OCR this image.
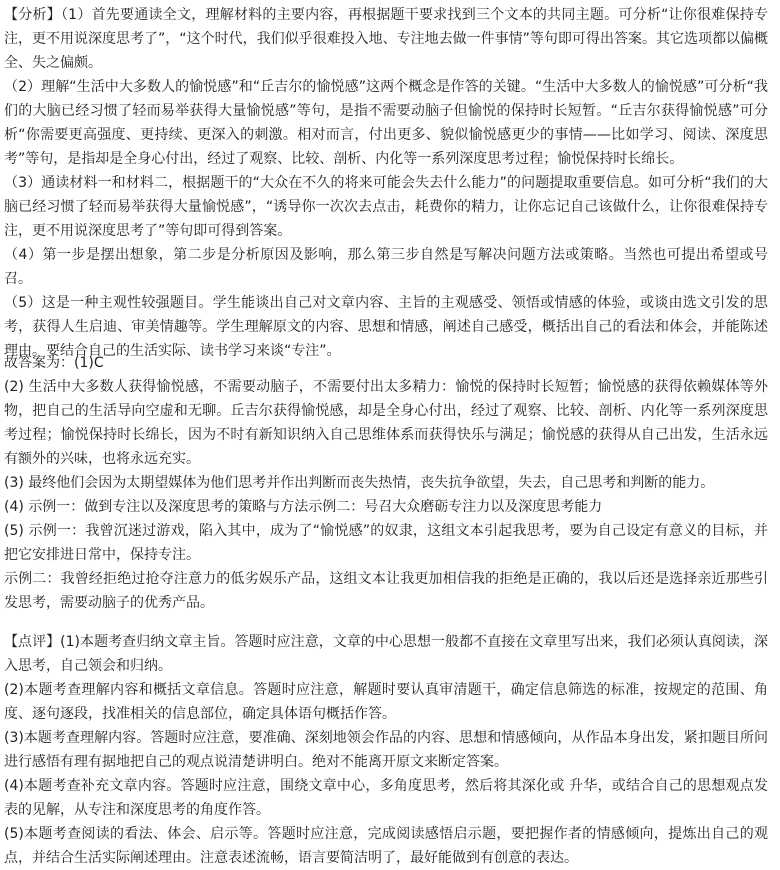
【分析】（1）首先要通读全文，理解材料的主要内容，再根据题干要求找到三个文本的共同主题。可分析“让你很难保持专注，更不用说深度思考了”，“这个时代，我们似乎很难投入地、专注地去做一件事情”等句即可得出答案。其它选项都以偏概全、失之偏颇。

（2）理解“生活中大多数人的愉悦感”和“丘吉尔的愉悦感”这两个概念是作答的关键。“生活中大多数人的愉悦感”可分析“我们的大脑已经习惯了轻而易举获得大量愉悦感”等句，是指不需要动脑子但愉悦的保持时长短暂。“丘吉尔获得愉悦感”可分析“你需要更高强度、更持续、更深入的刺激。相对而言，付出更多、貌似愉悦感更少的事情——比如学习、阅读、深度思考”等句，是指却是全身心付出，经过了观察、比较、剖析、内化等一系列深度思考过程；愉悦保持时长绵长。

（3）通读材料一和材料二，根据题干的“大众在不久的将来可能会失去什么能力”的问题提取重要信息。如可分析“我们的大脑已经习惯了轻而易举获得大量愉悦感”，“诱导你一次次去点击，耗费你的精力，让你忘记自己该做什么，让你很难保持专注，更不用说深度思考了”等句即可得到答案。

（4）第一步是摆出想象，第二步是分析原因及影响，那么第三步自然是写解决问题方法或策略。当然也可提出希望或号召。

（5）这是一种主观性较强题目。学生能谈出自己对文章内容、主旨的主观感受、领悟或情感的体验，或谈由选文引发的思考，获得人生启迪、审美情趣等。学生理解原文的内容、思想和情感，阐述自己感受，概括出自己的看法和体会，并能陈述理由。要结合自己的生活实际、读书学习来谈“专注”。

故答案为：(1)C

(2) 生活中大多数人获得愉悦感，不需要动脑子，不需要付出太多精力：愉悦的保持时长短暂；愉悦感的获得依赖媒体等外物，把自己的生活导向空虚和无聊。丘吉尔获得愉悦感，却是全身心付出，经过了观察、比较、剖析、内化等一系列深度思考过程；愉悦保持时长绵长，因为不时有新知识纳入自己思维体系而获得快乐与满足；愉悦感的获得从自己出发，生活永远有额外的兴味，也将永远充实。

(3) 最终他们会因为太期望媒体为他们思考并作出判断而丧失热情，丧失抗争欲望，失去，自己思考和判断的能力。

(4) 示例一：做到专注以及深度思考的策略与方法示例二：号召大众磨砺专注力以及深度思考能力

(5) 示例一：我曾沉迷过游戏，陷入其中，成为了“愉悦感”的奴隶，这组文本引起我思考，要为自己设定有意义的目标，并把它安排进日常中，保持专注。

示例二：我曾经拒绝过抢夺注意力的低劣娱乐产品，这组文本让我更加相信我的拒绝是正确的，我以后还是选择亲近那些引发思考，需要动脑子的优秀产品。

【点评】(1)本题考查归纳文章主旨。答题时应注意，文章的中心思想一般都不直接在文章里写出来，我们必须认真阅读，深入思考，自己领会和归纳。

(2)本题考查理解内容和概括文章信息。答题时应注意，解题时要认真审清题干，确定信息筛选的标准，按规定的范围、角度、逐句逐段，找准相关的信息部位，确定具体语句概括作答。

(3)本题考查理解内容。答题时应注意，要准确、深刻地领会作品的内容、思想和情感倾向，从作品本身出发，紧扣题目所问进行感悟有理有据地把自己的观点说清楚讲明白。绝对不能离开原文来断定答案。

(4)本题考查补充文章内容。答题时应注意，围绕文章中心，多角度思考，然后将其深化或 升华，或结合自己的思想观点发表的见解，从专注和深度思考的角度作答。

(5)本题考查阅读的看法、体会、启示等。答题时应注意，完成阅读感悟启示题，要把握作者的情感倾向，提炼出自己的观点，并结合生活实际阐述理由。注意表述流畅，语言要简洁明了，最好能做到有创意的表达。
